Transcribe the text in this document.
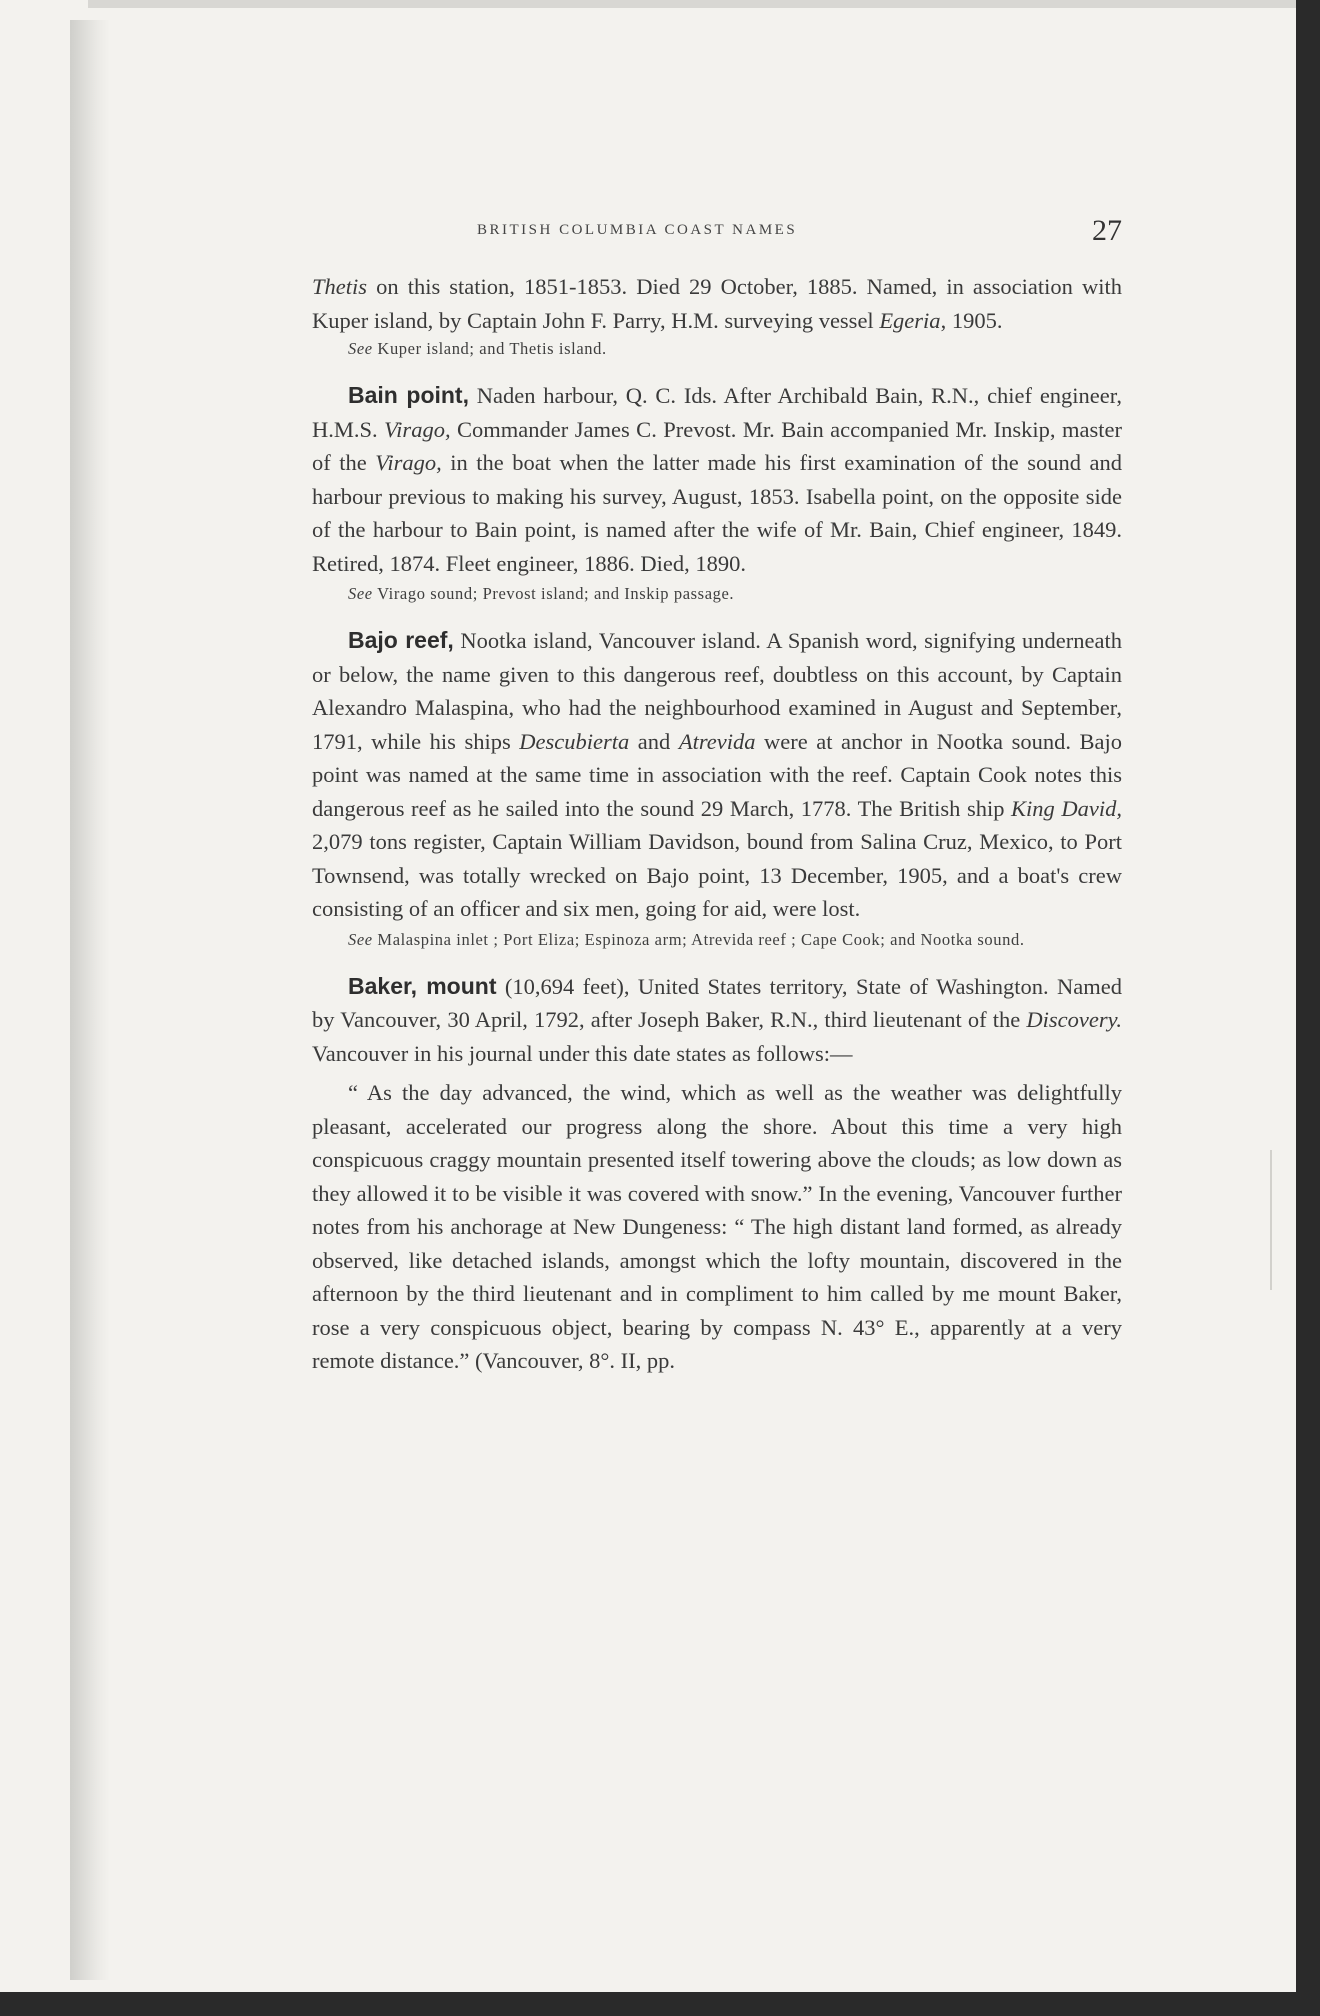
BRITISH COLUMBIA COAST NAMES	27

Thetis on this station, 1851-1853. Died 29 October, 1885. Named, in association with Kuper island, by Captain John F. Parry, H.M. surveying vessel Egeria, 1905.

See Kuper island; and Thetis island.

Bain point, Naden harbour, Q. C. Ids. After Archibald Bain, R.N., chief engineer, H.M.S. Virago, Commander James C. Prevost. Mr. Bain accompanied Mr. Inskip, master of the Virago, in the boat when the latter made his first examination of the sound and harbour previous to making his survey, August, 1853. Isabella point, on the opposite side of the harbour to Bain point, is named after the wife of Mr. Bain, Chief engineer, 1849. Retired, 1874. Fleet engineer, 1886. Died, 1890.

See Virago sound; Prevost island; and Inskip passage.

Bajo reef, Nootka island, Vancouver island. A Spanish word, signifying underneath or below, the name given to this dangerous reef, doubtless on this account, by Captain Alexandro Malaspina, who had the neighbourhood examined in August and September, 1791, while his ships Descubierta and Atrevida were at anchor in Nootka sound. Bajo point was named at the same time in association with the reef. Captain Cook notes this dangerous reef as he sailed into the sound 29 March, 1778. The British ship King David, 2,079 tons register, Captain William Davidson, bound from Salina Cruz, Mexico, to Port Townsend, was totally wrecked on Bajo point, 13 December, 1905, and a boat's crew consisting of an officer and six men, going for aid, were lost.

See Malaspina inlet ; Port Eliza; Espinoza arm; Atrevida reef ; Cape Cook; and Nootka sound.

Baker, mount (10,694 feet), United States territory, State of Washington. Named by Vancouver, 30 April, 1792, after Joseph Baker, R.N., third lieutenant of the Discovery. Vancouver in his journal under this date states as follows:—

“ As the day advanced, the wind, which as well as the weather was delightfully pleasant, accelerated our progress along the shore. About this time a very high conspicuous craggy mountain presented itself towering above the clouds; as low down as they allowed it to be visible it was covered with snow.” In the evening, Vancouver further notes from his anchorage at New Dungeness: “ The high distant land formed, as already observed, like detached islands, amongst which the lofty mountain, discovered in the afternoon by the third lieutenant and in compliment to him called by me mount Baker, rose a very conspicuous object, bearing by compass N. 43° E., apparently at a very remote distance.” (Vancouver, 8°. II, pp.
